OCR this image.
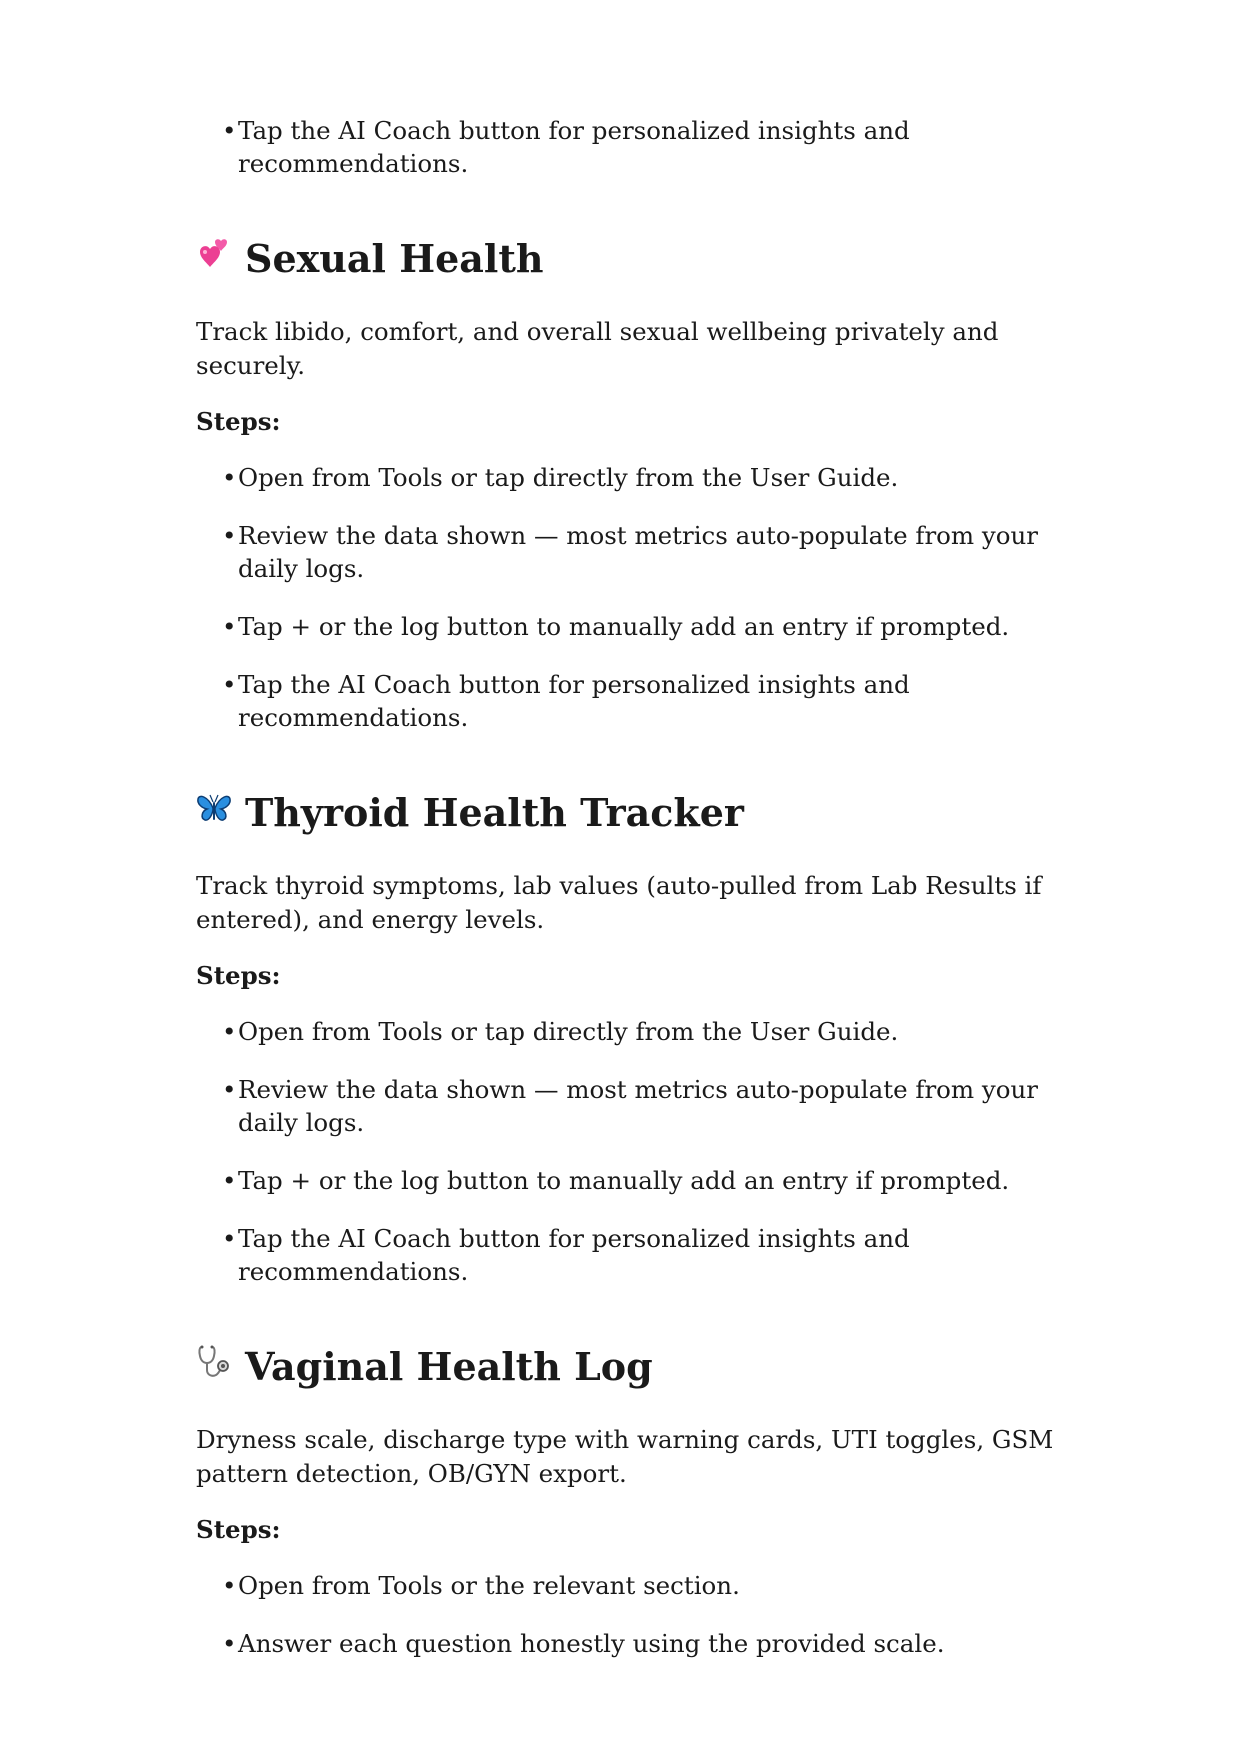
• Tap the AI Coach button for personalized insights and recommendations.
Sexual Health

Track libido, comfort, and overall sexual wellbeing privately and securely.

Steps:

• Open from Tools or tap directly from the User Guide.
• Review the data shown — most metrics auto-populate from your daily logs.
• Tap + or the log button to manually add an entry if prompted.
• Tap the AI Coach button for personalized insights and recommendations.
Thyroid Health Tracker

Track thyroid symptoms, lab values (auto-pulled from Lab Results if entered), and energy levels.

Steps:

• Open from Tools or tap directly from the User Guide.
• Review the data shown — most metrics auto-populate from your daily logs.
• Tap + or the log button to manually add an entry if prompted.
• Tap the AI Coach button for personalized insights and recommendations.
Vaginal Health Log

Dryness scale, discharge type with warning cards, UTI toggles, GSM pattern detection, OB/GYN export.

Steps:

• Open from Tools or the relevant section.
• Answer each question honestly using the provided scale.
